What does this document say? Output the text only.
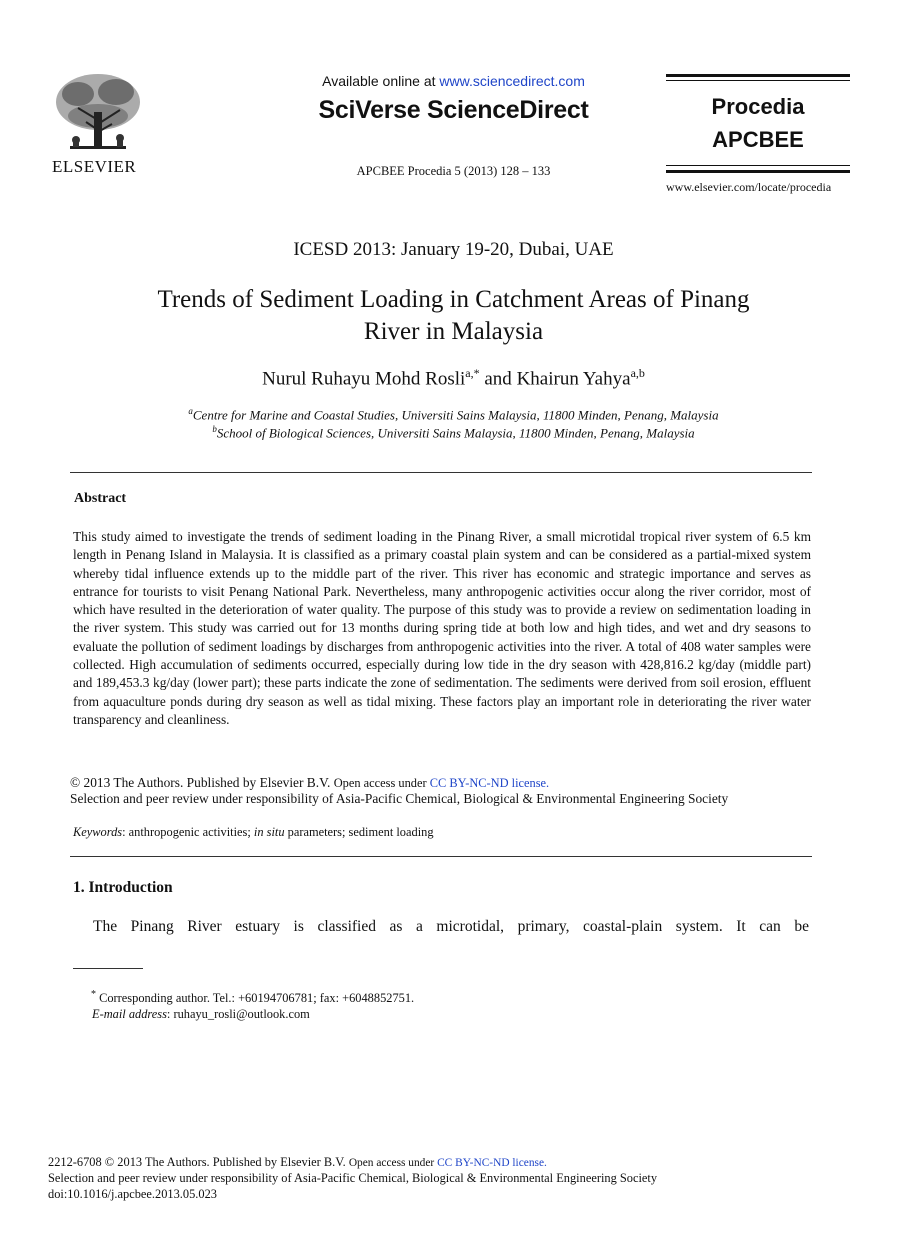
ELSEVIER
Available online at www.sciencedirect.com
SciVerse ScienceDirect
APCBEE Procedia 5 (2013) 128 – 133
Procedia
APCBEE
www.elsevier.com/locate/procedia
ICESD 2013: January 19-20, Dubai, UAE
Trends of Sediment Loading in Catchment Areas of Pinang
River in Malaysia
Nurul Ruhayu Mohd Rosli$^{a,*}$ and Khairun Yahya$^{a,b}$
$^a$Centre for Marine and Coastal Studies, Universiti Sains Malaysia, 11800 Minden, Penang, Malaysia
$^b$School of Biological Sciences, Universiti Sains Malaysia, 11800 Minden, Penang, Malaysia
Abstract
This study aimed to investigate the trends of sediment loading in the Pinang River, a small microtidal tropical river system of 6.5 km length in Penang Island in Malaysia. It is classified as a primary coastal plain system and can be considered as a partial-mixed system whereby tidal influence extends up to the middle part of the river. This river has economic and strategic importance and serves as entrance for tourists to visit Penang National Park. Nevertheless, many anthropogenic activities occur along the river corridor, most of which have resulted in the deterioration of water quality. The purpose of this study was to provide a review on sedimentation loading in the river system. This study was carried out for 13 months during spring tide at both low and high tides, and wet and dry seasons to evaluate the pollution of sediment loadings by discharges from anthropogenic activities into the river. A total of 408 water samples were collected. High accumulation of sediments occurred, especially during low tide in the dry season with 428,816.2 kg/day (middle part) and 189,453.3 kg/day (lower part); these parts indicate the zone of sedimentation. The sediments were derived from soil erosion, effluent from aquaculture ponds during dry season as well as tidal mixing. These factors play an important role in deteriorating the river water transparency and cleanliness.
© 2013 The Authors. Published by Elsevier B.V. Open access under CC BY-NC-ND license.
Selection and peer review under responsibility of Asia-Pacific Chemical, Biological & Environmental Engineering Society
Keywords: anthropogenic activities; in situ parameters; sediment loading
1. Introduction
The Pinang River estuary is classified as a microtidal, primary, coastal-plain system. It can be
* Corresponding author. Tel.: +60194706781; fax: +6048852751.
E-mail address: ruhayu_rosli@outlook.com
2212-6708 © 2013 The Authors. Published by Elsevier B.V. Open access under CC BY-NC-ND license.
Selection and peer review under responsibility of Asia-Pacific Chemical, Biological & Environmental Engineering Society
doi:10.1016/j.apcbee.2013.05.023
